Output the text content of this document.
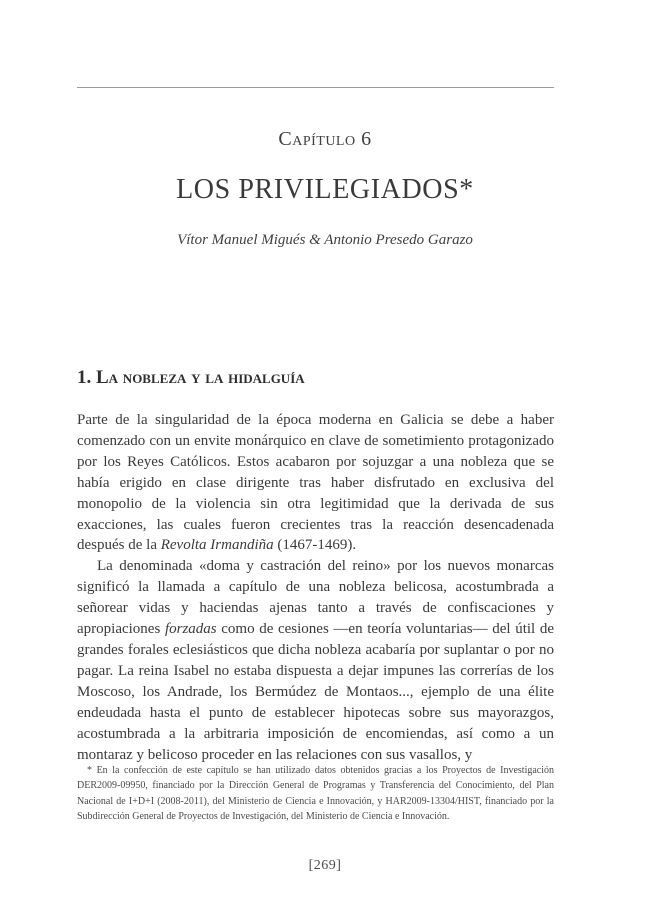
Capítulo 6
LOS PRIVILEGIADOS*
Vítor Manuel Migués & Antonio Presedo Garazo
1. La nobleza y la hidalguía

Parte de la singularidad de la época moderna en Galicia se debe a haber comenzado con un envite monárquico en clave de sometimiento protagonizado por los Reyes Católicos. Estos acabaron por sojuzgar a una nobleza que se había erigido en clase dirigente tras haber disfrutado en exclusiva del monopolio de la violencia sin otra legitimidad que la derivada de sus exacciones, las cuales fueron crecientes tras la reacción desencadenada después de la Revolta Irmandiña (1467-1469).

La denominada «doma y castración del reino» por los nuevos monarcas significó la llamada a capítulo de una nobleza belicosa, acostumbrada a señorear vidas y haciendas ajenas tanto a través de confiscaciones y apropiaciones forzadas como de cesiones —en teoría voluntarias— del útil de grandes forales eclesiásticos que dicha nobleza acabaría por suplantar o por no pagar. La reina Isabel no estaba dispuesta a dejar impunes las correrías de los Moscoso, los Andrade, los Bermúdez de Montaos..., ejemplo de una élite endeudada hasta el punto de establecer hipotecas sobre sus mayorazgos, acostumbrada a la arbitraria imposición de encomiendas, así como a un montaraz y belicoso proceder en las relaciones con sus vasallos, y

* En la confección de este capítulo se han utilizado datos obtenidos gracias a los Proyectos de Investigación DER2009-09950, financiado por la Dirección General de Programas y Transferencia del Conocimiento, del Plan Nacional de I+D+I (2008-2011), del Ministerio de Ciencia e Innovación, y HAR2009-13304/HIST, financiado por la Subdirección General de Proyectos de Investigación, del Ministerio de Ciencia e Innovación.

[269]
